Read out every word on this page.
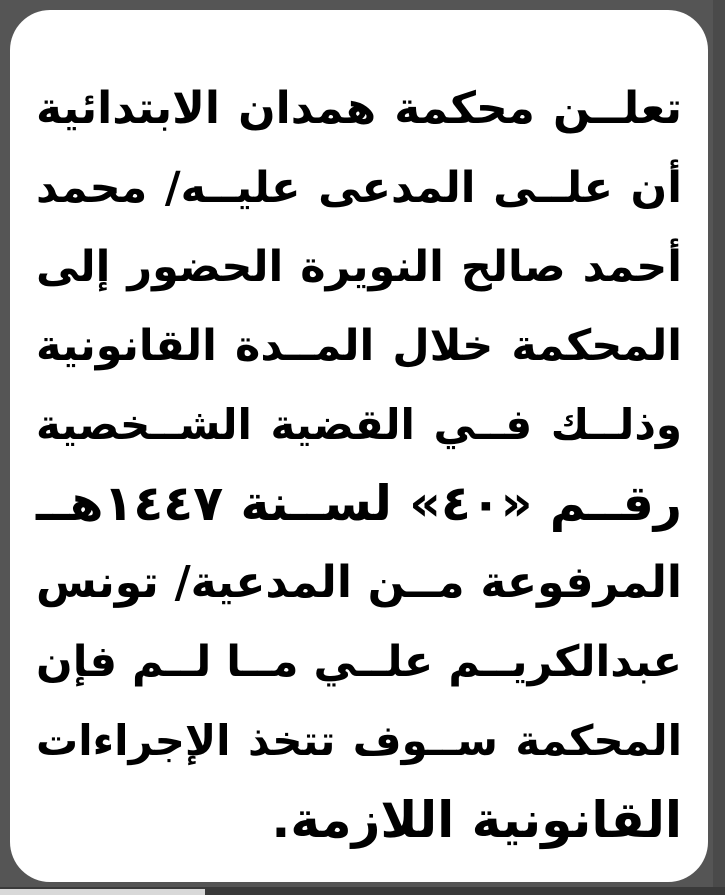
تعلــن محكمة همدان الابتدائية
أن علــى المدعى عليــه/ محمد
أحمد صالح النويرة الحضور إلى
المحكمة خلال المــدة القانونية
وذلــك فــي القضية الشــخصية
رقــم «٤٠» لســنة ١٤٤٧هــ
المرفوعة مــن المدعية/ تونس
عبدالكريــم علــي مــا لــم فإن
المحكمة ســوف تتخذ الإجراءات
القانونية اللازمة.
